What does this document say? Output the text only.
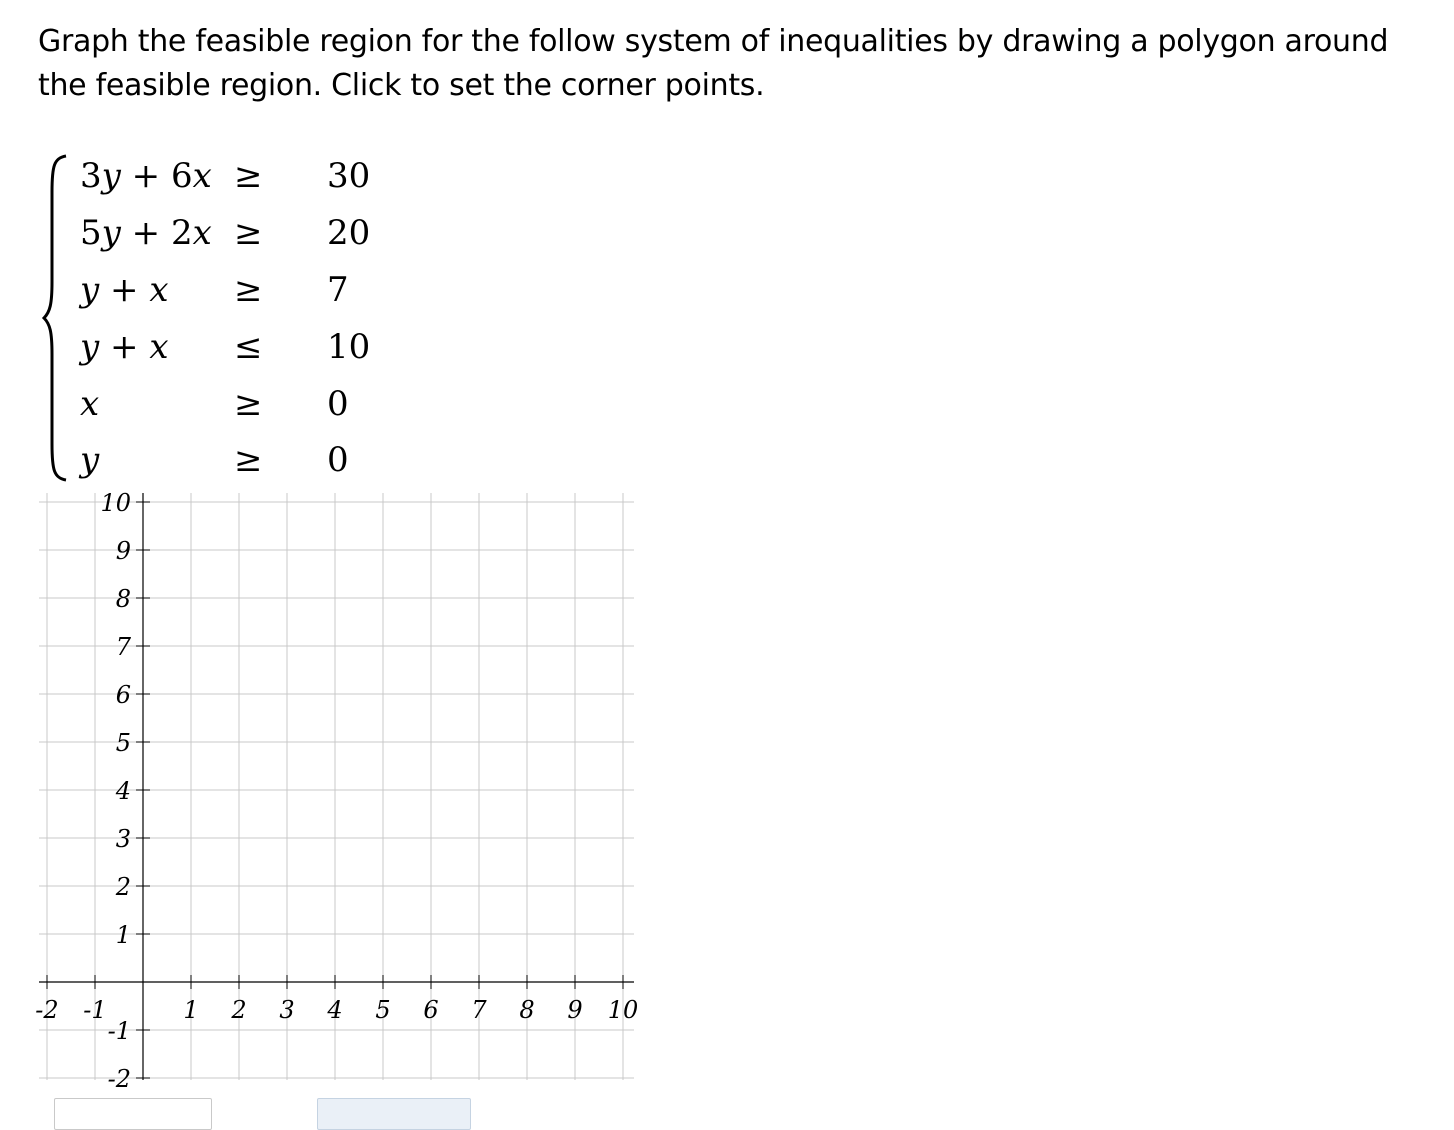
Graph the feasible region for the follow system of inequalities by drawing a polygon around the feasible region. Click to set the corner points.
3y + 6x ≥ 30
5y + 2x ≥ 20
y + x ≥ 7
y + x ≤ 10
x	≥ 0
y	≥ 0
-2 -1	1 2 3 4 5 6 7 8 9 10
10
9
8
7
6
5
4
3
2
1
-1
-2
